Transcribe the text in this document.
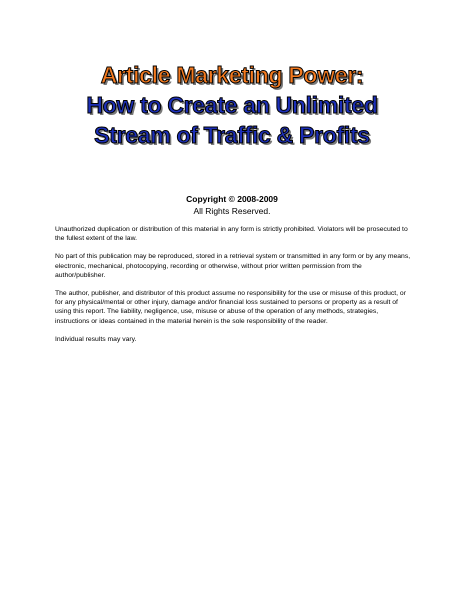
Article Marketing Power:
How to Create an Unlimited
Stream of Traffic & Profits
Copyright © 2008-2009
All Rights Reserved.

Unauthorized duplication or distribution of this material in any form is strictly prohibited. Violators will be prosecuted to the fullest extent of the law.

No part of this publication may be reproduced, stored in a retrieval system or transmitted in any form or by any means, electronic, mechanical, photocopying, recording or otherwise, without prior written permission from the author/publisher.

The author, publisher, and distributor of this product assume no responsibility for the use or misuse of this product, or for any physical/mental or other injury, damage and/or financial loss sustained to persons or property as a result of using this report. The liability, negligence, use, misuse or abuse of the operation of any methods, strategies, instructions or ideas contained in the material herein is the sole responsibility of the reader.

Individual results may vary.
